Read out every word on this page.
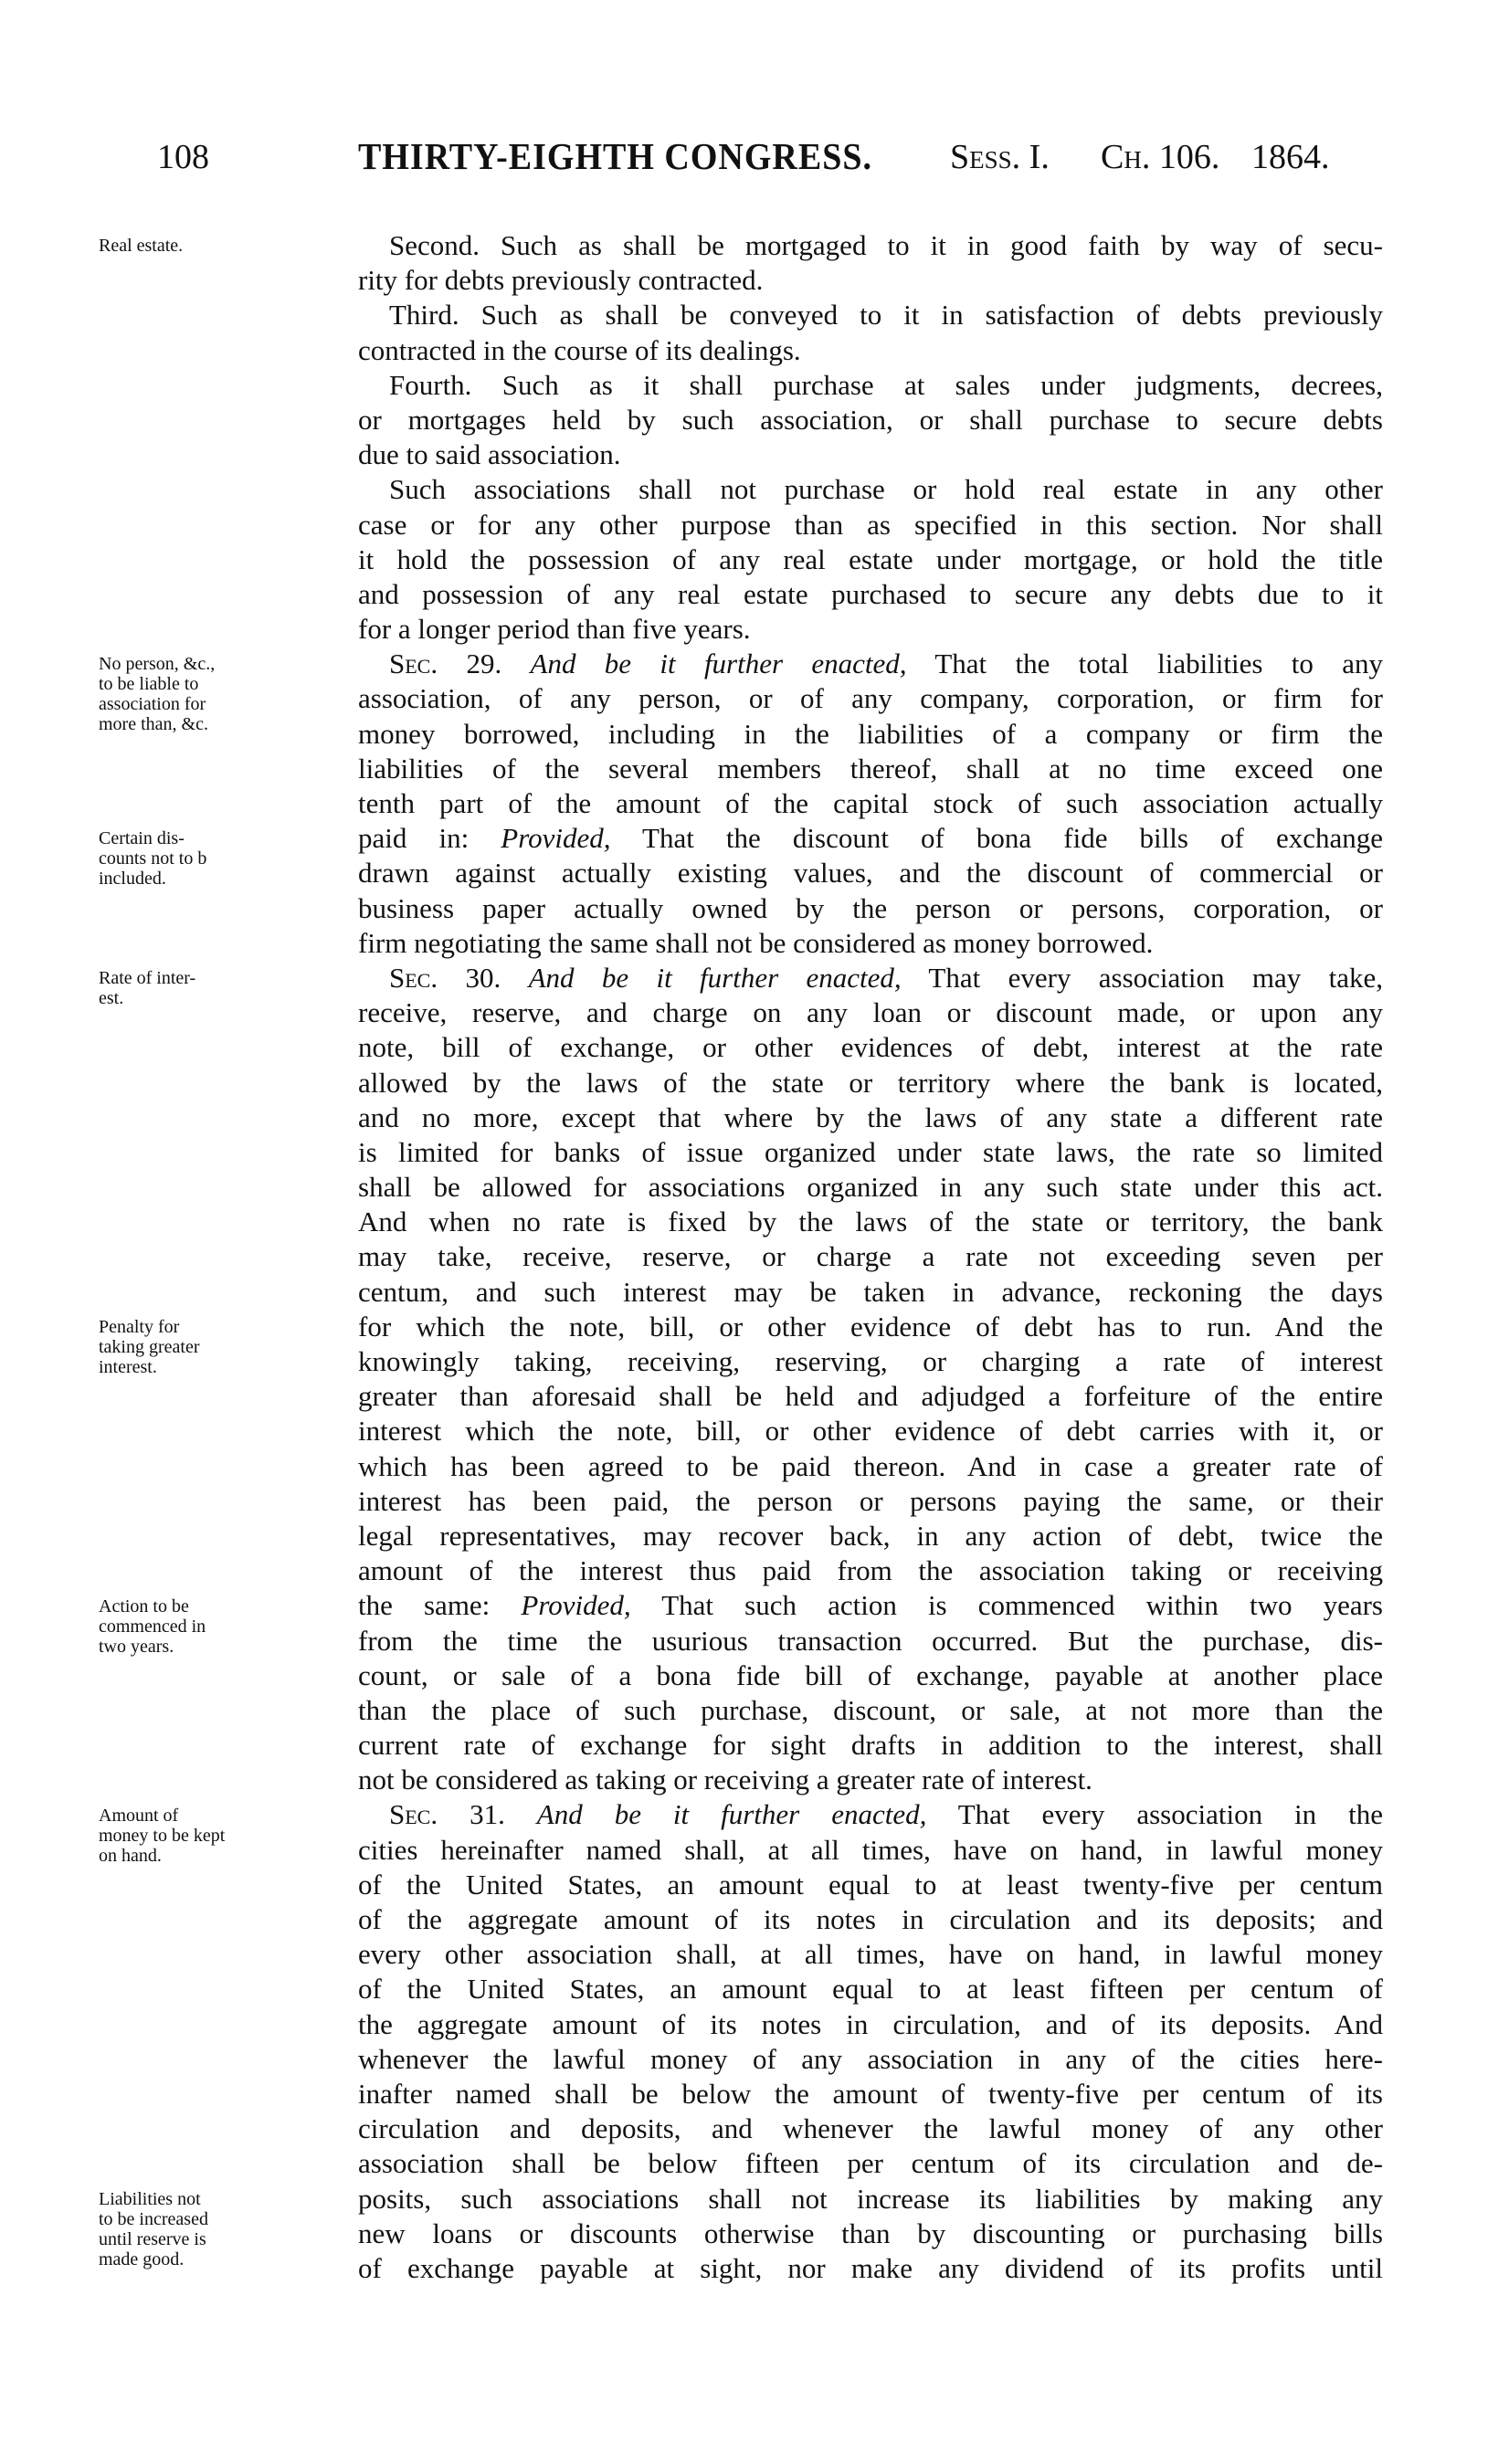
108	THIRTY-EIGHTH CONGRESS. Sess. I. Ch. 106. 1864.
Real estate.
No person, &c.,
to be liable to
association for
more than, &c.
Certain dis-
counts not to b
included.
Rate of inter-
est.
Penalty for
taking greater
interest.
Action to be
commenced in
two years.
Amount of
money to be kept
on hand.
Liabilities not
to be increased
until reserve is
made good.
Second. Such as shall be mortgaged to it in good faith by way of secu-
rity for debts previously contracted.
Third. Such as shall be conveyed to it in satisfaction of debts previously
contracted in the course of its dealings.
Fourth. Such as it shall purchase at sales under judgments, decrees,
or mortgages held by such association, or shall purchase to secure debts
due to said association.
Such associations shall not purchase or hold real estate in any other
case or for any other purpose than as specified in this section. Nor shall
it hold the possession of any real estate under mortgage, or hold the title
and possession of any real estate purchased to secure any debts due to it
for a longer period than five years.
Sec. 29. And be it further enacted, That the total liabilities to any
association, of any person, or of any company, corporation, or firm for
money borrowed, including in the liabilities of a company or firm the
liabilities of the several members thereof, shall at no time exceed one
tenth part of the amount of the capital stock of such association actually
paid in: Provided, That the discount of bona fide bills of exchange
drawn against actually existing values, and the discount of commercial or
business paper actually owned by the person or persons, corporation, or
firm negotiating the same shall not be considered as money borrowed.
Sec. 30. And be it further enacted, That every association may take,
receive, reserve, and charge on any loan or discount made, or upon any
note, bill of exchange, or other evidences of debt, interest at the rate
allowed by the laws of the state or territory where the bank is located,
and no more, except that where by the laws of any state a different rate
is limited for banks of issue organized under state laws, the rate so limited
shall be allowed for associations organized in any such state under this act.
And when no rate is fixed by the laws of the state or territory, the bank
may take, receive, reserve, or charge a rate not exceeding seven per
centum, and such interest may be taken in advance, reckoning the days
for which the note, bill, or other evidence of debt has to run. And the
knowingly taking, receiving, reserving, or charging a rate of interest
greater than aforesaid shall be held and adjudged a forfeiture of the entire
interest which the note, bill, or other evidence of debt carries with it, or
which has been agreed to be paid thereon. And in case a greater rate of
interest has been paid, the person or persons paying the same, or their
legal representatives, may recover back, in any action of debt, twice the
amount of the interest thus paid from the association taking or receiving
the same: Provided, That such action is commenced within two years
from the time the usurious transaction occurred. But the purchase, dis-
count, or sale of a bona fide bill of exchange, payable at another place
than the place of such purchase, discount, or sale, at not more than the
current rate of exchange for sight drafts in addition to the interest, shall
not be considered as taking or receiving a greater rate of interest.
Sec. 31. And be it further enacted, That every association in the
cities hereinafter named shall, at all times, have on hand, in lawful money
of the United States, an amount equal to at least twenty-five per centum
of the aggregate amount of its notes in circulation and its deposits; and
every other association shall, at all times, have on hand, in lawful money
of the United States, an amount equal to at least fifteen per centum of
the aggregate amount of its notes in circulation, and of its deposits. And
whenever the lawful money of any association in any of the cities here-
inafter named shall be below the amount of twenty-five per centum of its
circulation and deposits, and whenever the lawful money of any other
association shall be below fifteen per centum of its circulation and de-
posits, such associations shall not increase its liabilities by making any
new loans or discounts otherwise than by discounting or purchasing bills
of exchange payable at sight, nor make any dividend of its profits until
